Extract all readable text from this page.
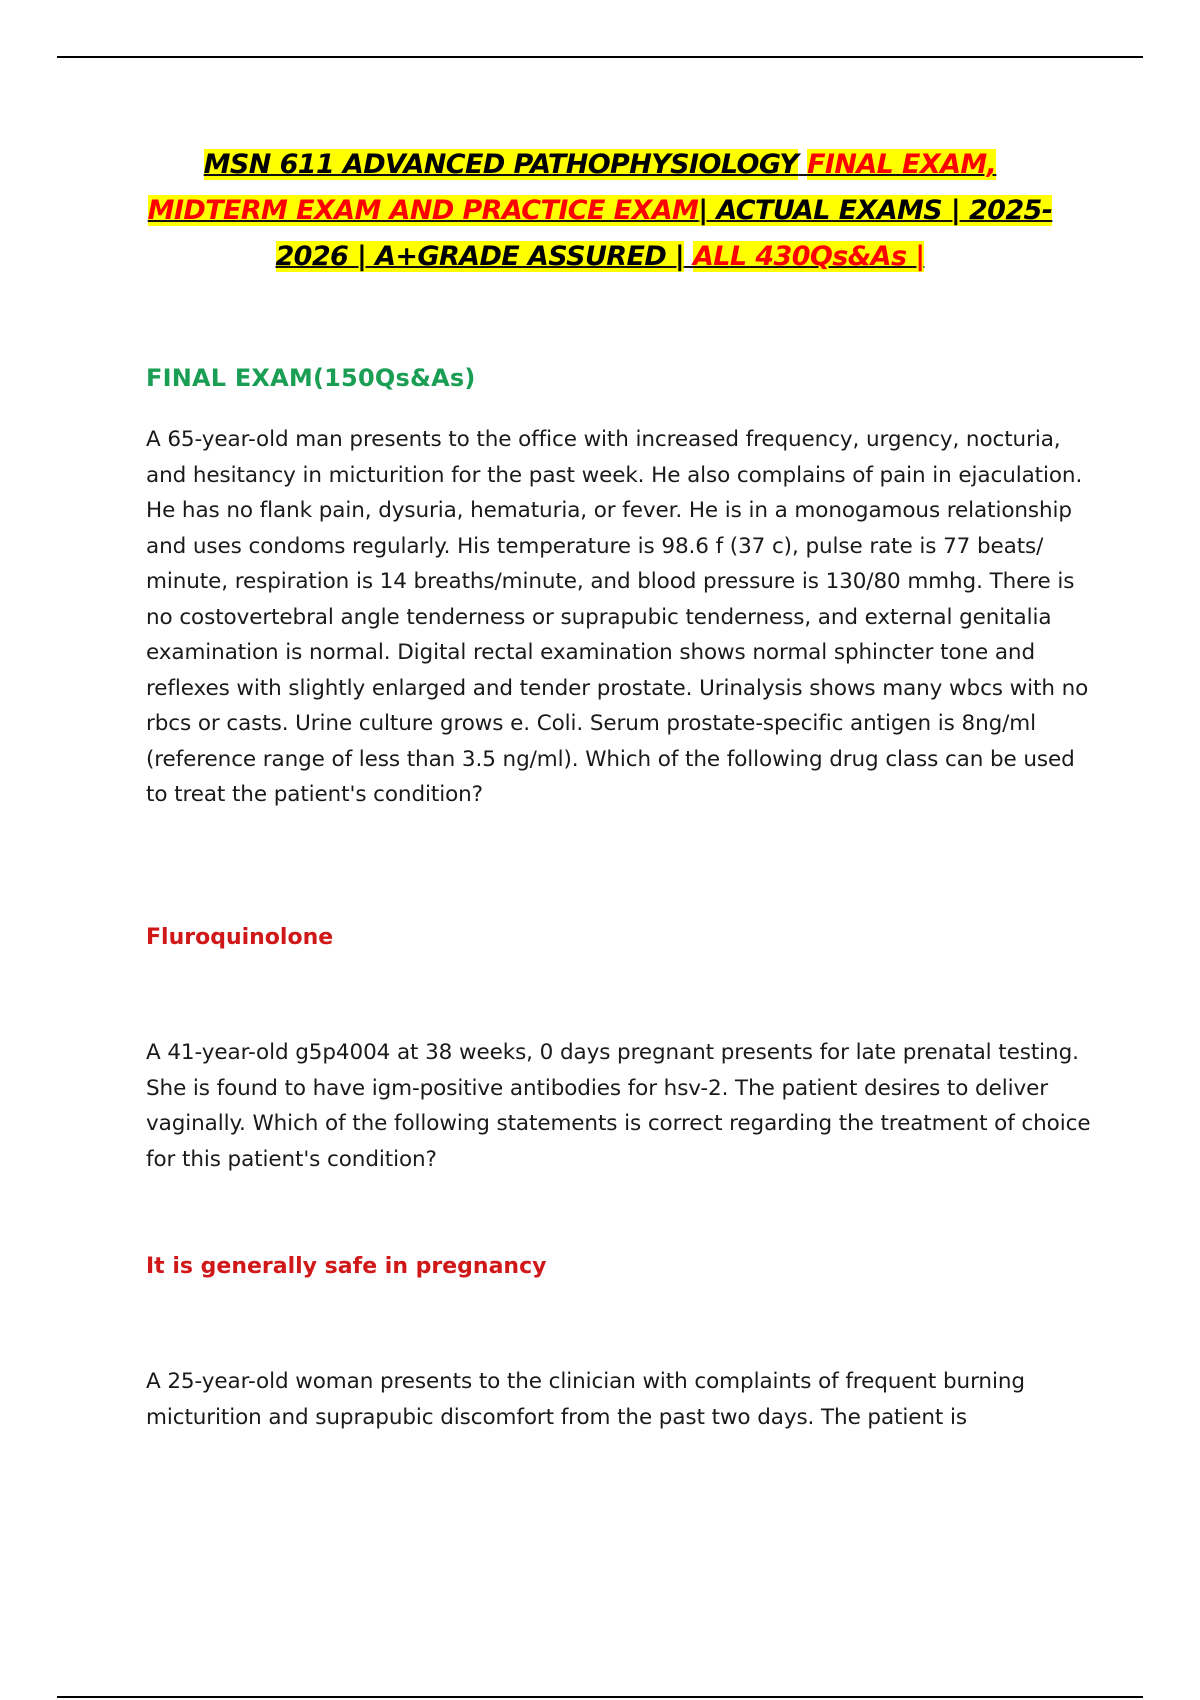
MSN 611 ADVANCED PATHOPHYSIOLOGY FINAL EXAM,
MIDTERM EXAM AND PRACTICE EXAM| ACTUAL EXAMS | 2025-
2026 | A+GRADE ASSURED | ALL 430Qs&As |
FINAL EXAM(150Qs&As)
A 65-year-old man presents to the office with increased frequency, urgency, nocturia, and hesitancy in micturition for the past week. He also complains of pain in ejaculation. He has no flank pain, dysuria, hematuria, or fever. He is in a monogamous relationship and uses condoms regularly. His temperature is 98.6 f (37 c), pulse rate is 77 beats/ minute, respiration is 14 breaths/minute, and blood pressure is 130/80 mmhg. There is no costovertebral angle tenderness or suprapubic tenderness, and external genitalia examination is normal. Digital rectal examination shows normal sphincter tone and reflexes with slightly enlarged and tender prostate. Urinalysis shows many wbcs with no rbcs or casts. Urine culture grows e. Coli. Serum prostate-specific antigen is 8ng/ml (reference range of less than 3.5 ng/ml). Which of the following drug class can be used to treat the patient's condition?
Fluroquinolone
A 41-year-old g5p4004 at 38 weeks, 0 days pregnant presents for late prenatal testing. She is found to have igm-positive antibodies for hsv-2. The patient desires to deliver vaginally. Which of the following statements is correct regarding the treatment of choice for this patient's condition?
It is generally safe in pregnancy
A 25-year-old woman presents to the clinician with complaints of frequent burning micturition and suprapubic discomfort from the past two days. The patient is
